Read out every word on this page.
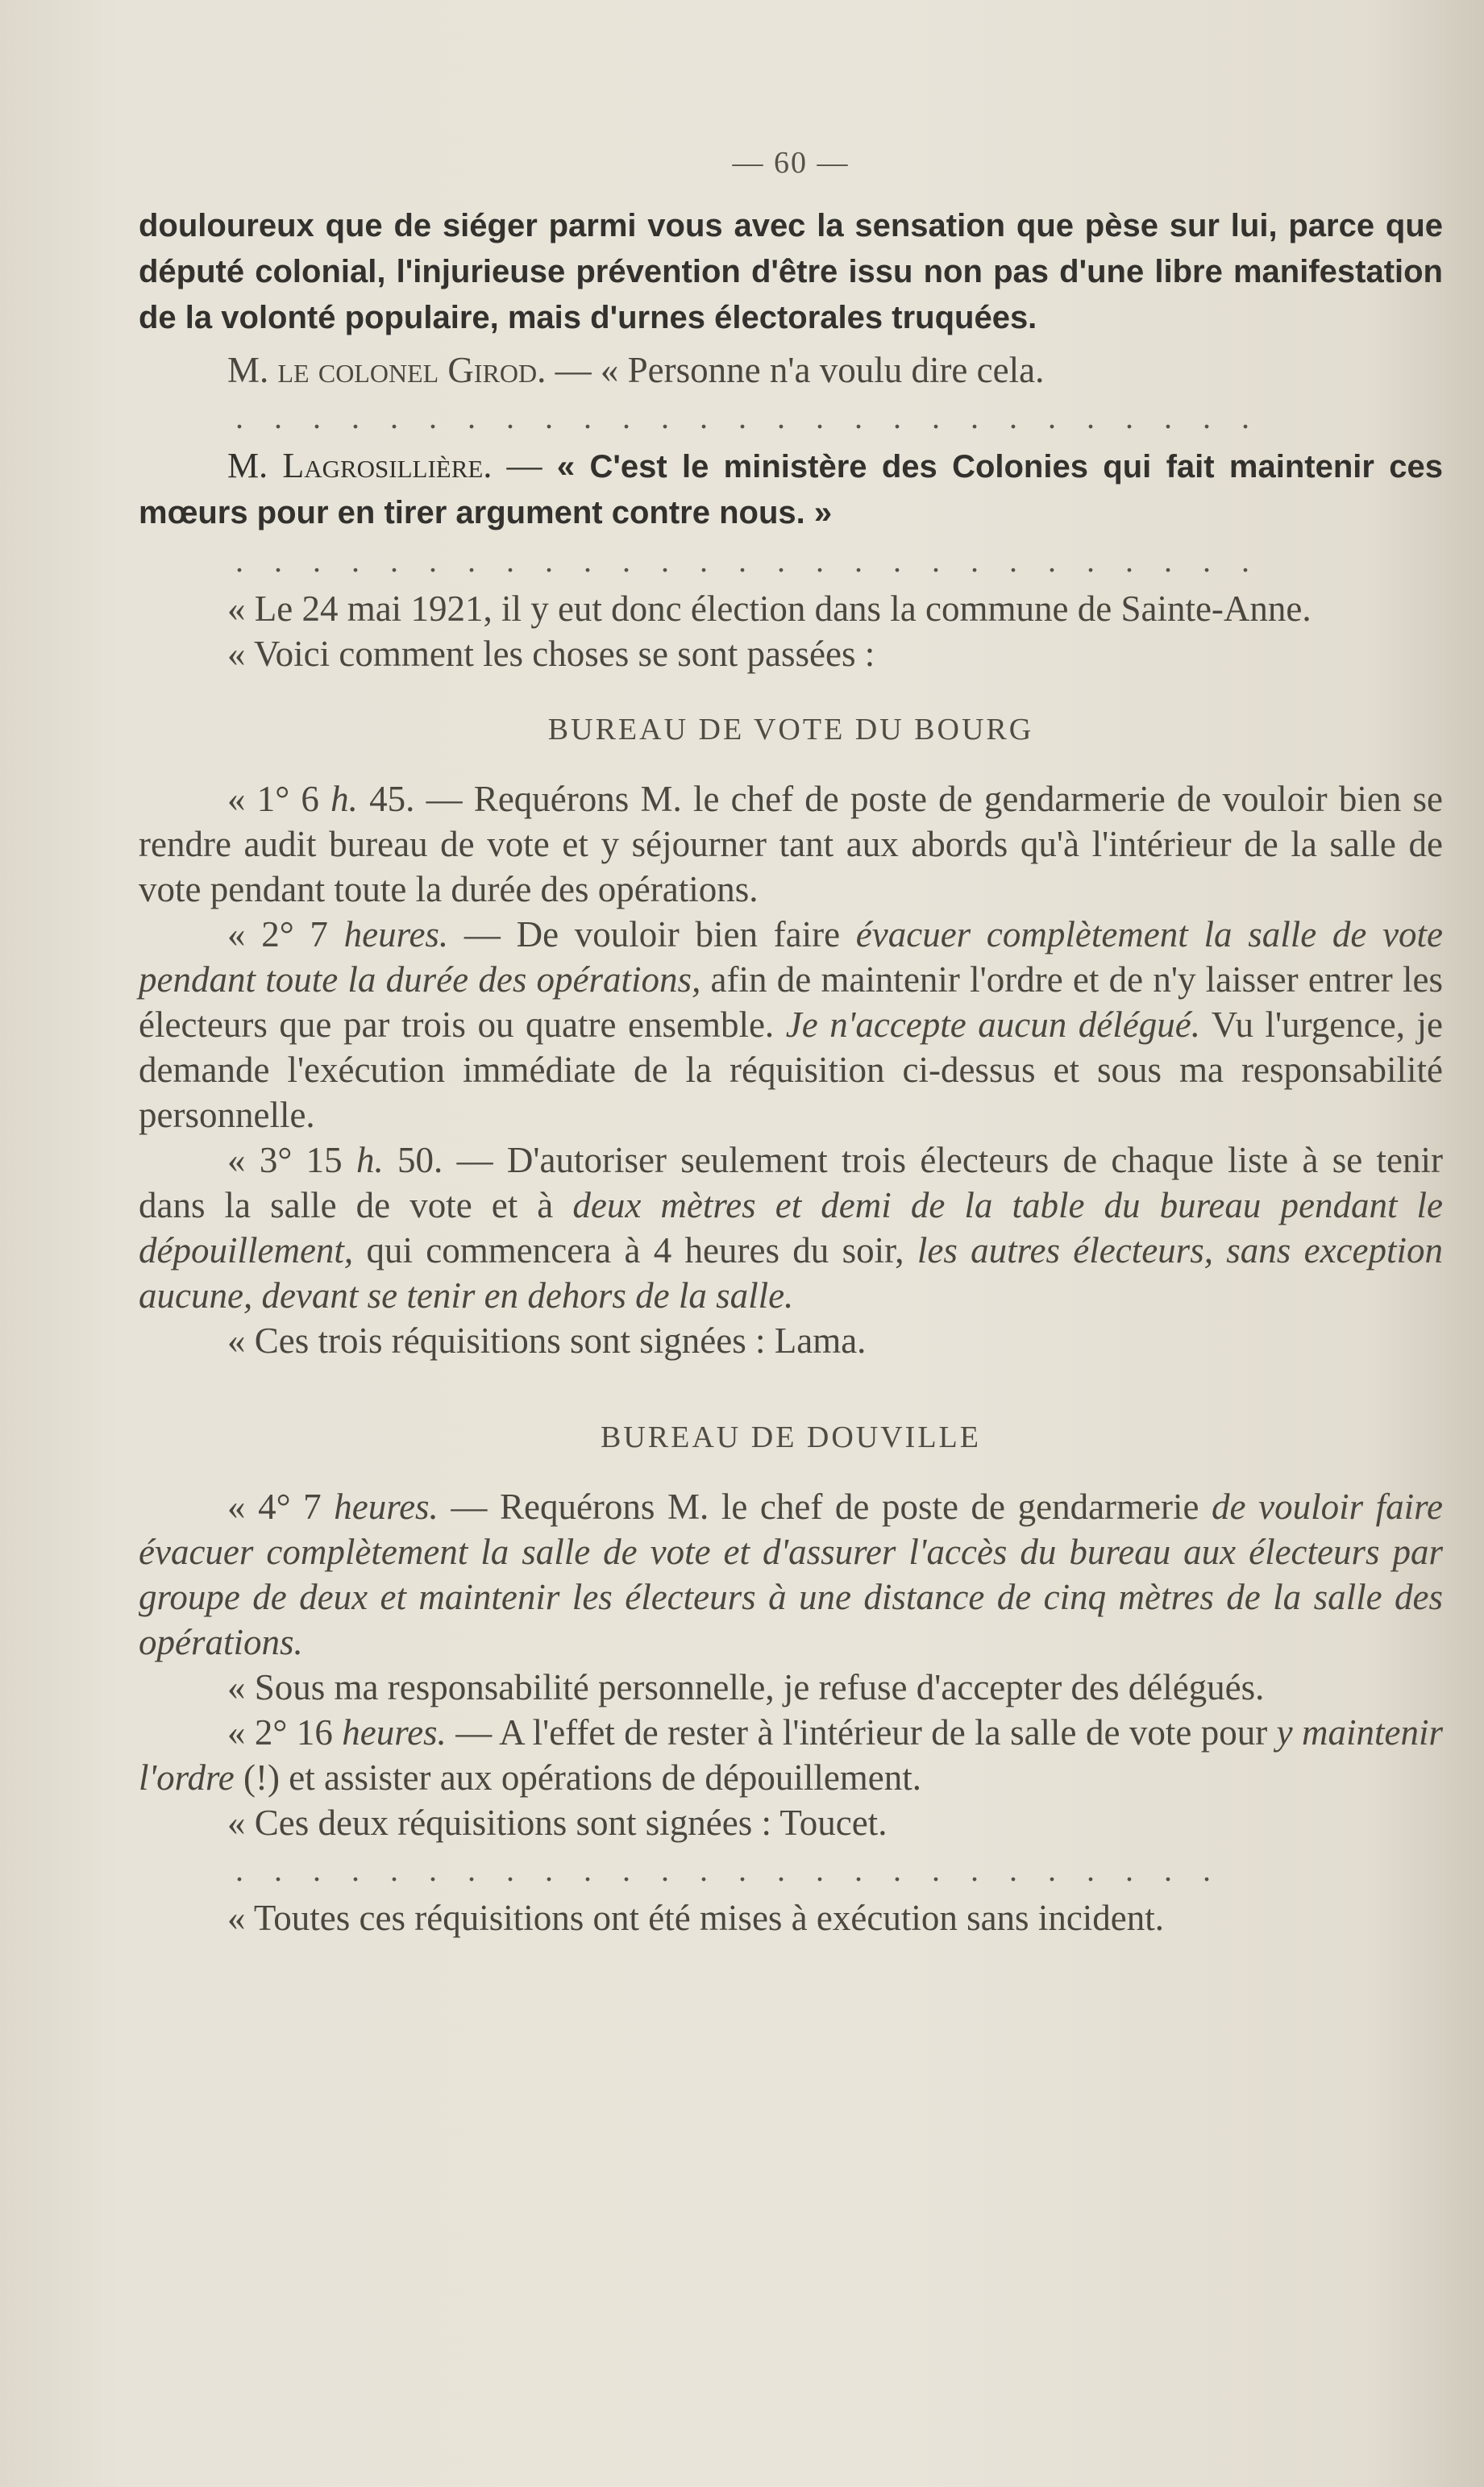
— 60 —

douloureux que de siéger parmi vous avec la sensation que pèse sur lui, parce que député colonial, l'injurieuse prévention d'être issu non pas d'une libre manifestation de la volonté populaire, mais d'urnes électorales truquées.

M. le colonel Girod. — « Personne n'a voulu dire cela.

. . . . . . . . . . . . . . . . . . . . . . . . . . .

M. Lagrosillière. — « C'est le ministère des Colonies qui fait maintenir ces mœurs pour en tirer argument contre nous. »

. . . . . . . . . . . . . . . . . . . . . . . . . . .

« Le 24 mai 1921, il y eut donc élection dans la commune de Sainte-Anne.

« Voici comment les choses se sont passées :

BUREAU DE VOTE DU BOURG

« 1° 6 h. 45. — Requérons M. le chef de poste de gendarmerie de vouloir bien se rendre audit bureau de vote et y séjourner tant aux abords qu'à l'intérieur de la salle de vote pendant toute la durée des opérations.

« 2° 7 heures. — De vouloir bien faire évacuer complètement la salle de vote pendant toute la durée des opérations, afin de maintenir l'ordre et de n'y laisser entrer les électeurs que par trois ou quatre ensemble. Je n'accepte aucun délégué. Vu l'urgence, je demande l'exécution immédiate de la réquisition ci-dessus et sous ma responsabilité personnelle.

« 3° 15 h. 50. — D'autoriser seulement trois électeurs de chaque liste à se tenir dans la salle de vote et à deux mètres et demi de la table du bureau pendant le dépouillement, qui commencera à 4 heures du soir, les autres électeurs, sans exception aucune, devant se tenir en dehors de la salle.

« Ces trois réquisitions sont signées : Lama.

BUREAU DE DOUVILLE

« 4° 7 heures. — Requérons M. le chef de poste de gendarmerie de vouloir faire évacuer complètement la salle de vote et d'assurer l'accès du bureau aux électeurs par groupe de deux et maintenir les électeurs à une distance de cinq mètres de la salle des opérations.

« Sous ma responsabilité personnelle, je refuse d'accepter des délégués.

« 2° 16 heures. — A l'effet de rester à l'intérieur de la salle de vote pour y maintenir l'ordre (!) et assister aux opérations de dépouillement.

« Ces deux réquisitions sont signées : Toucet.

. . . . . . . . . . . . . . . . . . . . . . . . . .

« Toutes ces réquisitions ont été mises à exécution sans incident.
